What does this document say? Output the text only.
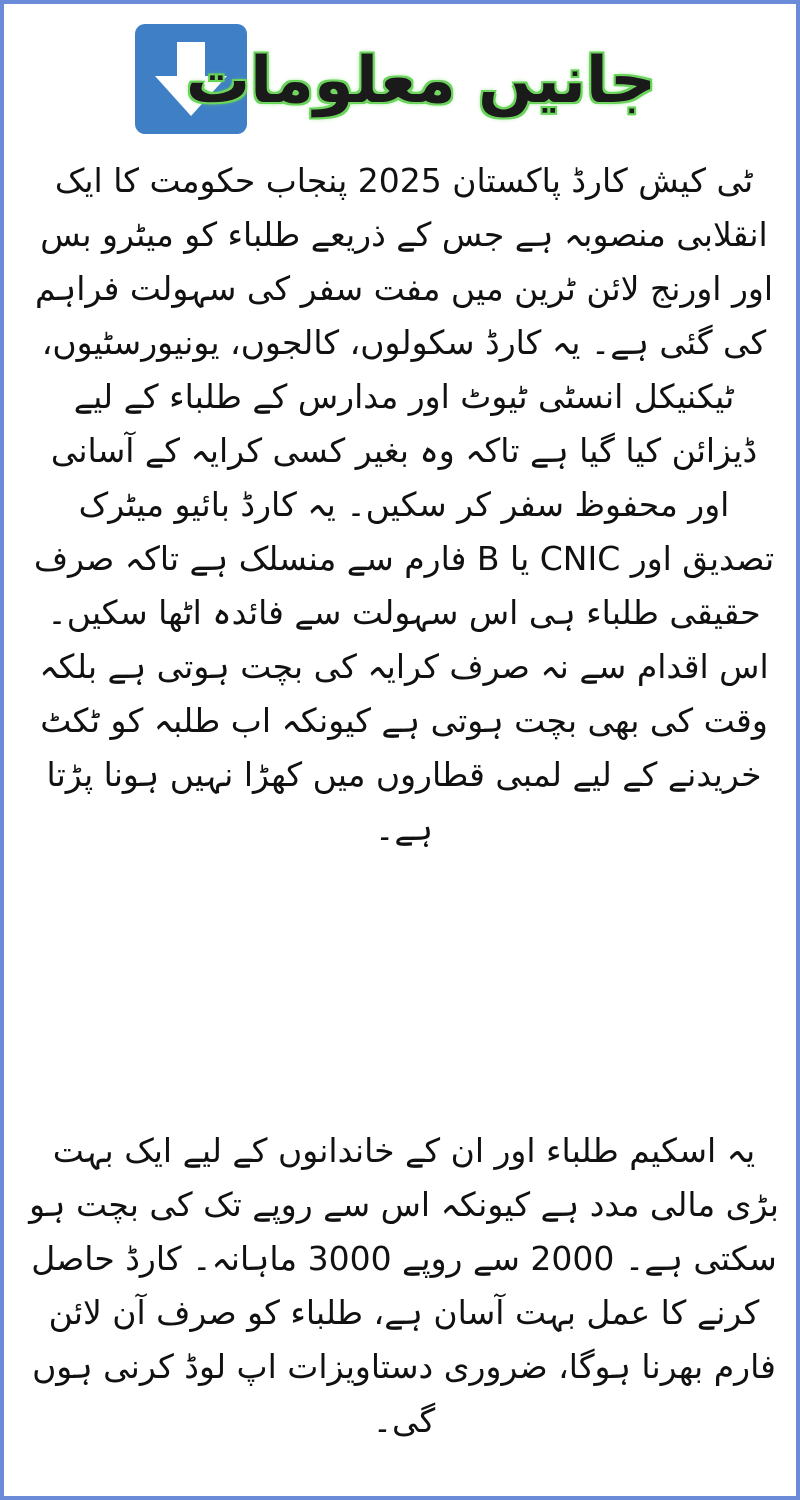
جانیں معلومات

ٹی کیش کارڈ پاکستان 2025 پنجاب حکومت کا ایک انقلابی منصوبہ ہے جس کے ذریعے طلباء کو میٹرو بس اور اورنج لائن ٹرین میں مفت سفر کی سہولت فراہم کی گئی ہے۔ یہ کارڈ سکولوں، کالجوں، یونیورسٹیوں، ٹیکنیکل انسٹی ٹیوٹ اور مدارس کے طلباء کے لیے ڈیزائن کیا گیا ہے تاکہ وہ بغیر کسی کرایہ کے آسانی اور محفوظ سفر کر سکیں۔ یہ کارڈ بائیو میٹرک تصدیق اور CNIC یا B فارم سے منسلک ہے تاکہ صرف حقیقی طلباء ہی اس سہولت سے فائدہ اٹھا سکیں۔ اس اقدام سے نہ صرف کرایہ کی بچت ہوتی ہے بلکہ وقت کی بھی بچت ہوتی ہے کیونکہ اب طلبہ کو ٹکٹ خریدنے کے لیے لمبی قطاروں میں کھڑا نہیں ہونا پڑتا ہے۔

یہ اسکیم طلباء اور ان کے خاندانوں کے لیے ایک بہت بڑی مالی مدد ہے کیونکہ اس سے روپے تک کی بچت ہو سکتی ہے۔ 2000 سے روپے 3000 ماہانہ۔ کارڈ حاصل کرنے کا عمل بہت آسان ہے، طلباء کو صرف آن لائن فارم بھرنا ہوگا، ضروری دستاویزات اپ لوڈ کرنی ہوں گی۔
